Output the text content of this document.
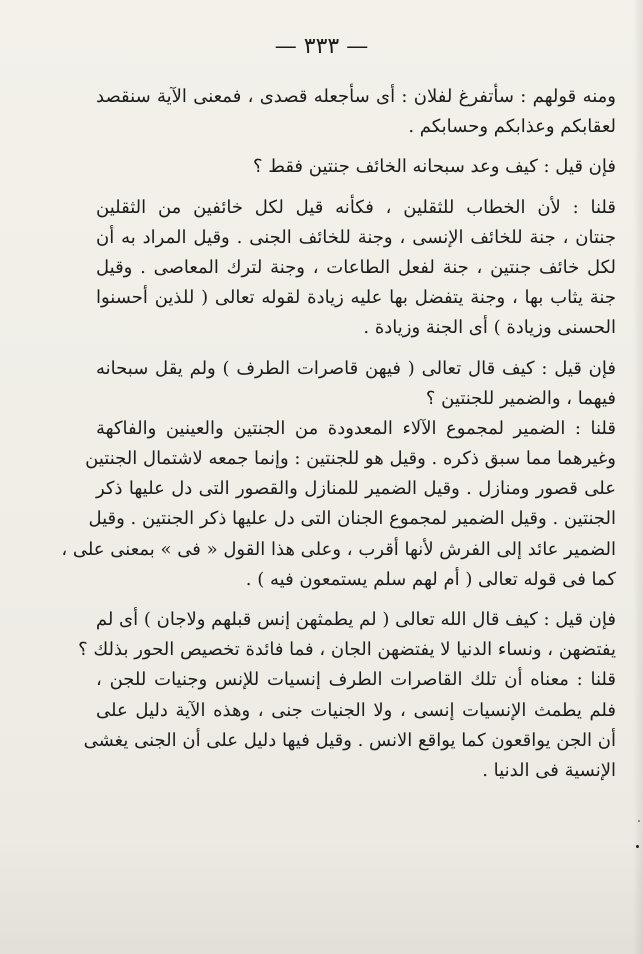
— ٣٣٣ —
ومنه قولهم : سأتفرغ لفلان : أى سأجعله قصدى ، فمعنى الآية سنقصد
لعقابكم وعذابكم وحسابكم .
فإن قيل : كيف وعد سبحانه الخائف جنتين فقط ؟
قلنا : لأن الخطاب للثقلين ، فكأنه قيل لكل خائفين من الثقلين
جنتان ، جنة للخائف الإنسى ، وجنة للخائف الجنى . وقيل المراد به أن
لكل خائف جنتين ، جنة لفعل الطاعات ، وجنة لترك المعاصى . وقيل
جنة يثاب بها ، وجنة يتفضل بها عليه زيادة لقوله تعالى ( للذين أحسنوا
الحسنى وزيادة ) أى الجنة وزيادة .
فإن قيل : كيف قال تعالى ( فيهن قاصرات الطرف ) ولم يقل سبحانه
فيهما ، والضمير للجنتين ؟
قلنا : الضمير لمجموع الآلاء المعدودة من الجنتين والعينين والفاكهة
وغيرهما مما سبق ذكره . وقيل هو للجنتين : وإنما جمعه لاشتمال الجنتين
على قصور ومنازل . وقيل الضمير للمنازل والقصور التى دل عليها ذكر
الجنتين . وقيل الضمير لمجموع الجنان التى دل عليها ذكر الجنتين . وقيل
الضمير عائد إلى الفرش لأنها أقرب ، وعلى هذا القول « فى » بمعنى على ،
كما فى قوله تعالى ( أم لهم سلم يستمعون فيه ) .
فإن قيل : كيف قال الله تعالى ( لم يطمثهن إنس قبلهم ولاجان ) أى لم
يفتضهن ، ونساء الدنيا لا يفتضهن الجان ، فما فائدة تخصيص الحور بذلك ؟
قلنا : معناه أن تلك القاصرات الطرف إنسيات للإنس وجنيات للجن ،
فلم يطمث الإنسيات إنسى ، ولا الجنيات جنى ، وهذه الآية دليل على
أن الجن يواقعون كما يواقع الانس . وقيل فيها دليل على أن الجنى يغشى
الإنسية فى الدنيا .
